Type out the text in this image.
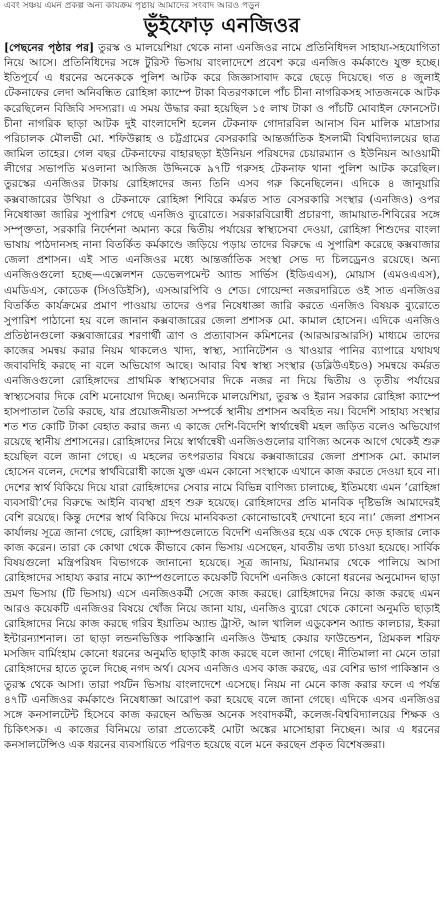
এবং সঞ্চয় এমন প্রকল্প অন্য কার্যক্রম পৃষ্ঠায় আমাদের সংবাদ আরও পড়ুন
ভুঁইফোড় এনজিওর

[পেছনের পৃষ্ঠার পর] তুরস্ক ও মালয়েশিয়া থেকে নানা এনজিওর নামে প্রতিনিধিদল সাহায্য-সহযোগিতা নিয়ে আসে। প্রতিনিধিদের সঙ্গে টুরিস্ট ভিসায় বাংলাদেশে প্রবেশ করে এনজিও কর্মকাণ্ডে যুক্ত হচ্ছে। ইতিপূর্বে এ ধরনের অনেককে পুলিশ আটক করে জিজ্ঞাসাবাদ করে ছেড়ে দিয়েছে। গত ৪ জুলাই টেকনাফের লেদা অনিবন্ধিত রোহিঙ্গা ক্যাম্পে টাকা বিতরণকালে পাঁচ চীনা নাগরিকসহ সাতজনকে আটক করেছিলেন বিজিবি সদস্যরা। এ সময় উদ্ধার করা হয়েছিল ১৫ লাখ টাকা ও পাঁচটি মোবাইল ফোনসেট। চীনা নাগরিক ছাড়া আটক দুই বাংলাদেশি হলেন টেকনাফ গোদারবিল আনাস বিন মালিক মাদ্রাসার পরিচালক মৌলভী মো. শফিউল্লাহ ও চট্টগ্রামের বেসরকারি আন্তর্জাতিক ইসলামী বিশ্ববিদ্যালয়ের ছাত্র জামিল তাহের। গেল বছর টেকনাফের বাহারছড়া ইউনিয়ন পরিষদের চেয়ারম্যান ও ইউনিয়ন আওয়ামী লীগের সভাপতি মওলানা আজিজ উদ্দিনকে ৯৭টি গরুসহ টেকনাফ থানা পুলিশ আটক করেছিল। তুরস্কের এনজিওর টাকায় রোহিঙ্গাদের জন্য তিনি এসব গরু কিনেছিলেন। এদিকে ৪ জানুয়ারি কক্সবাজারের উখিয়া ও টেকনাফে রোহিঙ্গা শিবিরে কর্মরত সাত বেসরকারি সংস্থার (এনজিও) ওপর নিষেধাজ্ঞা জারির সুপারিশ গেছে এনজিও ব্যুরোতে। সরকারবিরোধী প্রচারণা, জামায়াত-শিবিরের সঙ্গে সম্পৃক্ততা, সরকারি নির্দেশনা অমান্য করে দ্বিতীয় পর্যায়ের স্বাস্থ্যসেবা দেওয়া, রোহিঙ্গা শিশুদের বাংলা ভাষায় পাঠদানসহ নানা বিতর্কিত কর্মকাণ্ডে জড়িয়ে পড়ায় তাদের বিরুদ্ধে এ সুপারিশ করেছে কক্সবাজার জেলা প্রশাসন। এই সাত এনজিওর মধ্যে আন্তর্জাতিক সংস্থা সেভ দ্য চিলড্রেনও রয়েছে। অন্য এনজিওগুলো হচ্ছে—এক্সেলশন ডেভেলপমেন্ট অ্যান্ড সার্ভিস (ইডিএএস), মোয়াস (এমওএএস), এমডিএস, কোডেক (সিওডিইসি), এসআরপিবি ও শেড। গোয়েন্দা নজরদারিতে ওই সাত এনজিওর বিতর্কিত কার্যক্রমের প্রমাণ পাওয়ায় তাদের ওপর নিষেধাজ্ঞা জারি করতে এনজিও বিষয়ক ব্যুরোতে সুপারিশ পাঠানো হয় বলে জানান কক্সবাজারের জেলা প্রশাসক মো. কামাল হোসেন। এদিকে এনজিও প্রতিষ্ঠানগুলো কক্সবাজারের শরণার্থী ত্রাণ ও প্রত্যাবাসন কমিশনের (আরআরআরসি) মাধ্যমে তাদের কাজের সমন্বয় করার নিয়ম থাকলেও খাদ্য, স্বাস্থ্য, স্যানিটেশন ও খাওয়ার পানির ব্যাপারে যথাযথ জবাবদিহি করছে না বলে অভিযোগ আছে। আবার বিশ্ব স্বাস্থ্য সংস্থার (ডব্লিউএইচও) সমন্বয়ে কর্মরত এনজিওগুলো রোহিঙ্গাদের প্রাথমিক স্বাস্থ্যসেবার দিকে নজর না দিয়ে দ্বিতীয় ও তৃতীয় পর্যায়ের স্বাস্থ্যসেবার দিকে বেশি মনোযোগ দিচ্ছে। অন্যদিকে মালয়েশিয়া, তুরস্ক ও ইরান সরকার রোহিঙ্গা ক্যাম্পে হাসপাতাল তৈরি করছে, যার প্রয়োজনীয়তা সম্পর্কে স্থানীয় প্রশাসন অবহিত নয়। বিদেশি সাহায্য সংস্থার শত শত কোটি টাকা বেহাত করার জন্য এ কাজে দেশি-বিদেশি স্বার্থান্বেষী মহল জড়িত বলেও অভিযোগ রয়েছে স্থানীয় প্রশাসনের। রোহিঙ্গাদের নিয়ে স্বার্থান্বেষী এনজিওগুলোর বাণিজ্য অনেক আগে থেকেই শুরু হয়েছিল বলে জানা গেছে। এ মহলের তৎপরতার বিষয়ে কক্সবাজারের জেলা প্রশাসক মো. কামাল হোসেন বলেন, দেশের স্বার্থবিরোধী কাজে যুক্ত এমন কোনো সংস্থাকে এখানে কাজ করতে দেওয়া হবে না। দেশের স্বার্থ বিকিয়ে দিয়ে যারা রোহিঙ্গাদের সেবার নামে বিভিন্ন বাণিজ্য চালাচ্ছে, ইতিমধ্যে এমন ‘রোহিঙ্গা ব্যবসায়ী’দের বিরুদ্ধে আইনি ব্যবস্থা গ্রহণ শুরু হয়েছে। রোহিঙ্গাদের প্রতি মানবিক দৃষ্টিভঙ্গি আমাদেরই বেশি রয়েছে। কিন্তু দেশের স্বার্থ বিকিয়ে দিয়ে মানবিকতা কোনোভাবেই দেখানো হবে না।’ জেলা প্রশাসন কার্যালয় সূত্রে জানা গেছে, রোহিঙ্গা ক্যাম্পগুলোতে বিদেশি এনজিওর হয়ে এক থেকে দেড় হাজার লোক কাজ করেন। তারা কে কোথা থেকে কীভাবে কোন ভিসায় এসেছেন, যাবতীয় তথ্য চাওয়া হয়েছে। সার্বিক বিষয়গুলো মন্ত্রিপরিষদ বিভাগকে জানানো হয়েছে। সূত্র জানায়, মিয়ানমার থেকে পালিয়ে আসা রোহিঙ্গাদের সাহায্য করার নামে ক্যাম্পগুলোতে কয়েকটি বিদেশি এনজিও কোনো ধরনের অনুমোদন ছাড়া ভ্রমণ ভিসায় (টি ভিসায়) এসে এনজিওকর্মী সেজে কাজ করছে। রোহিঙ্গাদের নিয়ে কাজ করছে এমন আরও কয়েকটি এনজিওর বিষয়ে খোঁজ নিয়ে জানা যায়, এনজিও ব্যুরো থেকে কোনো অনুমতি ছাড়াই রোহিঙ্গাদের নিয়ে কাজ করছে গরিব ইয়াতিম অ্যান্ড ট্রাস্ট, আল খালিল এডুকেশন অ্যান্ড কালচার, ইকরা ইন্টারন্যাশনাল। তা ছাড়া লন্ডনভিত্তিক পাকিস্তানি এনজিও উম্মাহ কেয়ার ফাউন্ডেশন, গ্রিমকল শরিফ মসজিদ বার্মিংহাম কোনো ধরনের অনুমতি ছাড়াই কাজ করছে বলে জানা গেছে। নীতিমালা না মেনে তারা রোহিঙ্গাদের হাতে তুলে দিচ্ছে নগদ অর্থ। যেসব এনজিও এসব কাজ করছে, এর বেশির ভাগ পাকিস্তান ও তুরস্ক থেকে আসা। তারা পর্যটন ভিসায় বাংলাদেশে এসেছে। নিয়ম না মেনে কাজ করার ফলে এ পর্যন্ত ৪৭টি এনজিওর কর্মকাণ্ডে নিষেধাজ্ঞা আরোপ করা হয়েছে বলে জানা গেছে। এদিকে এসব এনজিওর সঙ্গে কনসালটেন্ট হিসেবে কাজ করছেন অভিজ্ঞ অনেক সংবাদকর্মী, কলেজ-বিশ্ববিদ্যালয়ের শিক্ষক ও চিকিৎসক। এ কাজের বিনিময়ে তারা প্রত্যেকেই মোটা অঙ্কের মাসোহারা নিচ্ছেন। আর এ ধরনের কনসালটেন্সিও এক ধরনের ব্যবসায়িতে পরিণত হয়েছে বলে মনে করছেন প্রকৃত বিশেষজ্ঞরা।
